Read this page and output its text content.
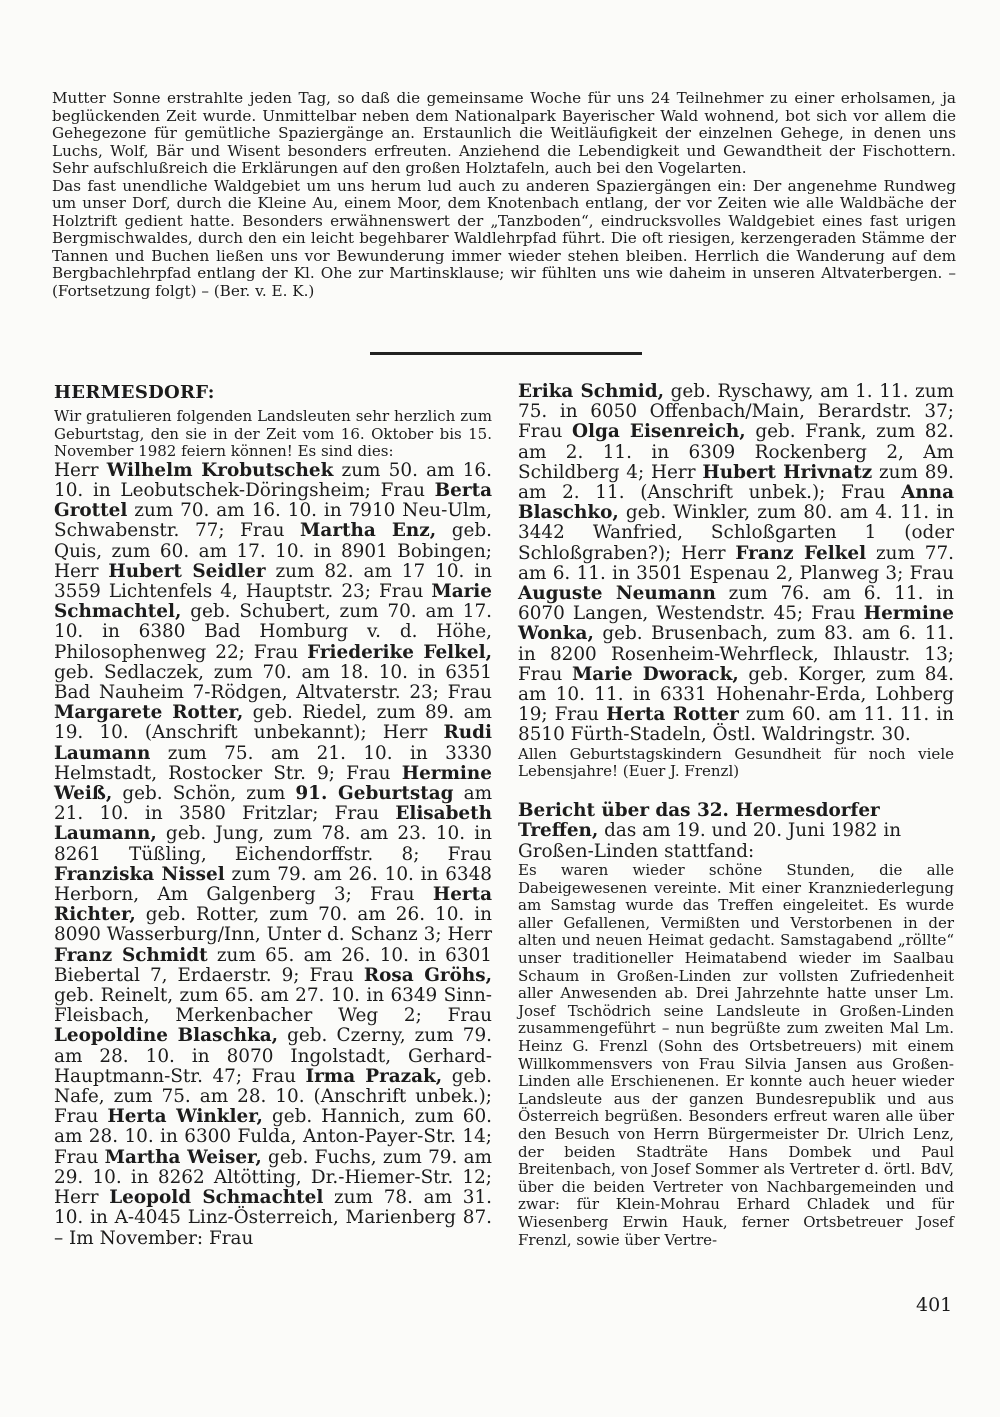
Mutter Sonne erstrahlte jeden Tag, so daß die gemeinsame Woche für uns 24 Teilnehmer zu einer erholsamen, ja beglückenden Zeit wurde. Unmittelbar neben dem Nationalpark Bayerischer Wald wohnend, bot sich vor allem die Gehegezone für gemütliche Spaziergänge an. Erstaunlich die Weitläufigkeit der einzelnen Gehege, in denen uns Luchs, Wolf, Bär und Wisent besonders erfreuten. Anziehend die Lebendigkeit und Gewandtheit der Fischottern. Sehr aufschlußreich die Erklärungen auf den großen Holztafeln, auch bei den Vogelarten.

Das fast unendliche Waldgebiet um uns herum lud auch zu anderen Spaziergängen ein: Der angenehme Rundweg um unser Dorf, durch die Kleine Au, einem Moor, dem Knotenbach entlang, der vor Zeiten wie alle Waldbäche der Holztrift gedient hatte. Besonders erwähnenswert der „Tanzboden“, eindrucksvolles Waldgebiet eines fast urigen Bergmischwaldes, durch den ein leicht begehbarer Waldlehrpfad führt. Die oft riesigen, kerzengeraden Stämme der Tannen und Buchen ließen uns vor Bewunderung immer wieder stehen bleiben. Herrlich die Wanderung auf dem Bergbachlehrpfad entlang der Kl. Ohe zur Martinsklause; wir fühlten uns wie daheim in unseren Altvaterbergen. – (Fortsetzung folgt) – (Ber. v. E. K.)

HERMESDORF:

Wir gratulieren folgenden Landsleuten sehr herzlich zum Geburtstag, den sie in der Zeit vom 16. Oktober bis 15. November 1982 feiern können! Es sind dies:

Herr Wilhelm Krobutschek zum 50. am 16. 10. in Leobutschek-Döringsheim; Frau Berta Grottel zum 70. am 16. 10. in 7910 Neu-Ulm, Schwabenstr. 77; Frau Martha Enz, geb. Quis, zum 60. am 17. 10. in 8901 Bobingen; Herr Hubert Seidler zum 82. am 17 10. in 3559 Lichtenfels 4, Hauptstr. 23; Frau Marie Schmachtel, geb. Schubert, zum 70. am 17. 10. in 6380 Bad Homburg v. d. Höhe, Philosophenweg 22; Frau Friederike Felkel, geb. Sedlaczek, zum 70. am 18. 10. in 6351 Bad Nauheim 7-Rödgen, Altvaterstr. 23; Frau Margarete Rotter, geb. Riedel, zum 89. am 19. 10. (Anschrift unbekannt); Herr Rudi Laumann zum 75. am 21. 10. in 3330 Helmstadt, Rostocker Str. 9; Frau Hermine Weiß, geb. Schön, zum 91. Geburtstag am 21. 10. in 3580 Fritzlar; Frau Elisabeth Laumann, geb. Jung, zum 78. am 23. 10. in 8261 Tüßling, Eichendorffstr. 8; Frau Franziska Nissel zum 79. am 26. 10. in 6348 Herborn, Am Galgenberg 3; Frau Herta Richter, geb. Rotter, zum 70. am 26. 10. in 8090 Wasserburg/Inn, Unter d. Schanz 3; Herr Franz Schmidt zum 65. am 26. 10. in 6301 Biebertal 7, Erdaerstr. 9; Frau Rosa Gröhs, geb. Reinelt, zum 65. am 27. 10. in 6349 Sinn-Fleisbach, Merkenbacher Weg 2; Frau Leopoldine Blaschka, geb. Czerny, zum 79. am 28. 10. in 8070 Ingolstadt, Gerhard-Hauptmann-Str. 47; Frau Irma Prazak, geb. Nafe, zum 75. am 28. 10. (Anschrift unbek.); Frau Herta Winkler, geb. Hannich, zum 60. am 28. 10. in 6300 Fulda, Anton-Payer-Str. 14; Frau Martha Weiser, geb. Fuchs, zum 79. am 29. 10. in 8262 Altötting, Dr.-Hiemer-Str. 12; Herr Leopold Schmachtel zum 78. am 31. 10. in A-4045 Linz-Österreich, Marienberg 87. – Im November: Frau

Erika Schmid, geb. Ryschawy, am 1. 11. zum 75. in 6050 Offenbach/Main, Berardstr. 37; Frau Olga Eisenreich, geb. Frank, zum 82. am 2. 11. in 6309 Rockenberg 2, Am Schildberg 4; Herr Hubert Hrivnatz zum 89. am 2. 11. (Anschrift unbek.); Frau Anna Blaschko, geb. Winkler, zum 80. am 4. 11. in 3442 Wanfried, Schloßgarten 1 (oder Schloßgraben?); Herr Franz Felkel zum 77. am 6. 11. in 3501 Espenau 2, Planweg 3; Frau Auguste Neumann zum 76. am 6. 11. in 6070 Langen, Westendstr. 45; Frau Hermine Wonka, geb. Brusenbach, zum 83. am 6. 11. in 8200 Rosenheim-Wehrfleck, Ihlaustr. 13; Frau Marie Dworack, geb. Korger, zum 84. am 10. 11. in 6331 Hohenahr-Erda, Lohberg 19; Frau Herta Rotter zum 60. am 11. 11. in 8510 Fürth-Stadeln, Östl. Waldringstr. 30.

Allen Geburtstagskindern Gesundheit für noch viele Lebensjahre! (Euer J. Frenzl)

Bericht über das 32. Hermesdorfer Treffen, das am 19. und 20. Juni 1982 in Großen-Linden stattfand:

Es waren wieder schöne Stunden, die alle Dabeigewesenen vereinte. Mit einer Kranzniederlegung am Samstag wurde das Treffen eingeleitet. Es wurde aller Gefallenen, Vermißten und Verstorbenen in der alten und neuen Heimat gedacht. Samstagabend „röllte“ unser traditioneller Heimatabend wieder im Saalbau Schaum in Großen-Linden zur vollsten Zufriedenheit aller Anwesenden ab. Drei Jahrzehnte hatte unser Lm. Josef Tschödrich seine Landsleute in Großen-Linden zusammengeführt – nun begrüßte zum zweiten Mal Lm. Heinz G. Frenzl (Sohn des Ortsbetreuers) mit einem Willkommensvers von Frau Silvia Jansen aus Großen-Linden alle Erschienenen. Er konnte auch heuer wieder Landsleute aus der ganzen Bundesrepublik und aus Österreich begrüßen. Besonders erfreut waren alle über den Besuch von Herrn Bürgermeister Dr. Ulrich Lenz, der beiden Stadträte Hans Dombek und Paul Breitenbach, von Josef Sommer als Vertreter d. örtl. BdV, über die beiden Vertreter von Nachbargemeinden und zwar: für Klein-Mohrau Erhard Chladek und für Wiesenberg Erwin Hauk, ferner Ortsbetreuer Josef Frenzl, sowie über Vertre-

401
